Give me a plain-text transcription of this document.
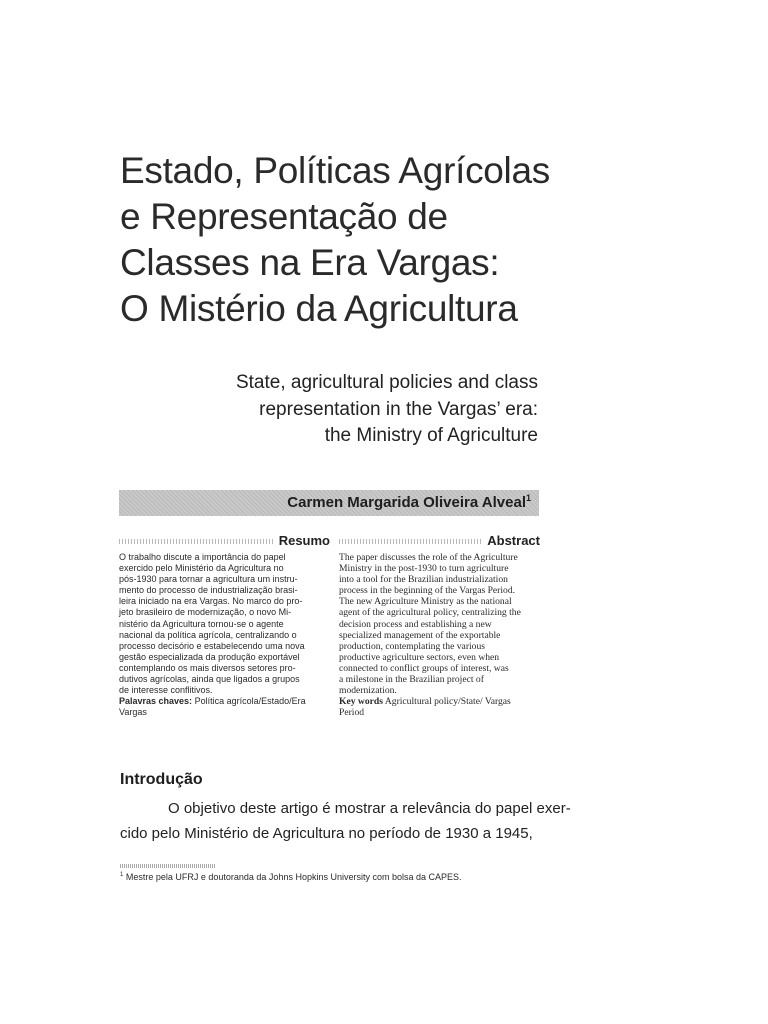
Estado, Políticas Agrícolas
e Representação de
Classes na Era Vargas:
O Mistério da Agricultura
State, agricultural policies and class
representation in the Vargas’ era:
the Ministry of Agriculture
Carmen Margarida Oliveira Alveal$^1$
Resumo
O trabalho discute a importância do papel
exercido pelo Ministério da Agricultura no
pós-1930 para tornar a agricultura um instru-
mento do processo de industrialização brasi-
leira iniciado na era Vargas. No marco do pro-
jeto brasileiro de modernização, o novo Mi-
nistério da Agricultura tornou-se o agente
nacional da política agrícola, centralizando o
processo decisório e estabelecendo uma nova
gestão especializada da produção exportável
contemplando os mais diversos setores pro-
dutivos agrícolas, ainda que ligados a grupos
de interesse conflitivos.
Palavras chaves: Política agrícola/Estado/Era
Vargas
Abstract
The paper discusses the role of the Agriculture
Ministry in the post-1930 to turn agriculture
into a tool for the Brazilian industrialization
process in the beginning of the Vargas Period.
The new Agriculture Ministry as the national
agent of the agricultural policy, centralizing the
decision process and establishing a new
specialized management of the exportable
production, contemplating the various
productive agriculture sectors, even when
connected to conflict groups of interest, was
a milestone in the Brazilian project of
modernization.
Key words Agricultural policy/State/ Vargas
Period
Introdução
O objetivo deste artigo é mostrar a relevância do papel exer-
cido pelo Ministério de Agricultura no período de 1930 a 1945,
$^1$ Mestre pela UFRJ e doutoranda da Johns Hopkins University com bolsa da CAPES.
